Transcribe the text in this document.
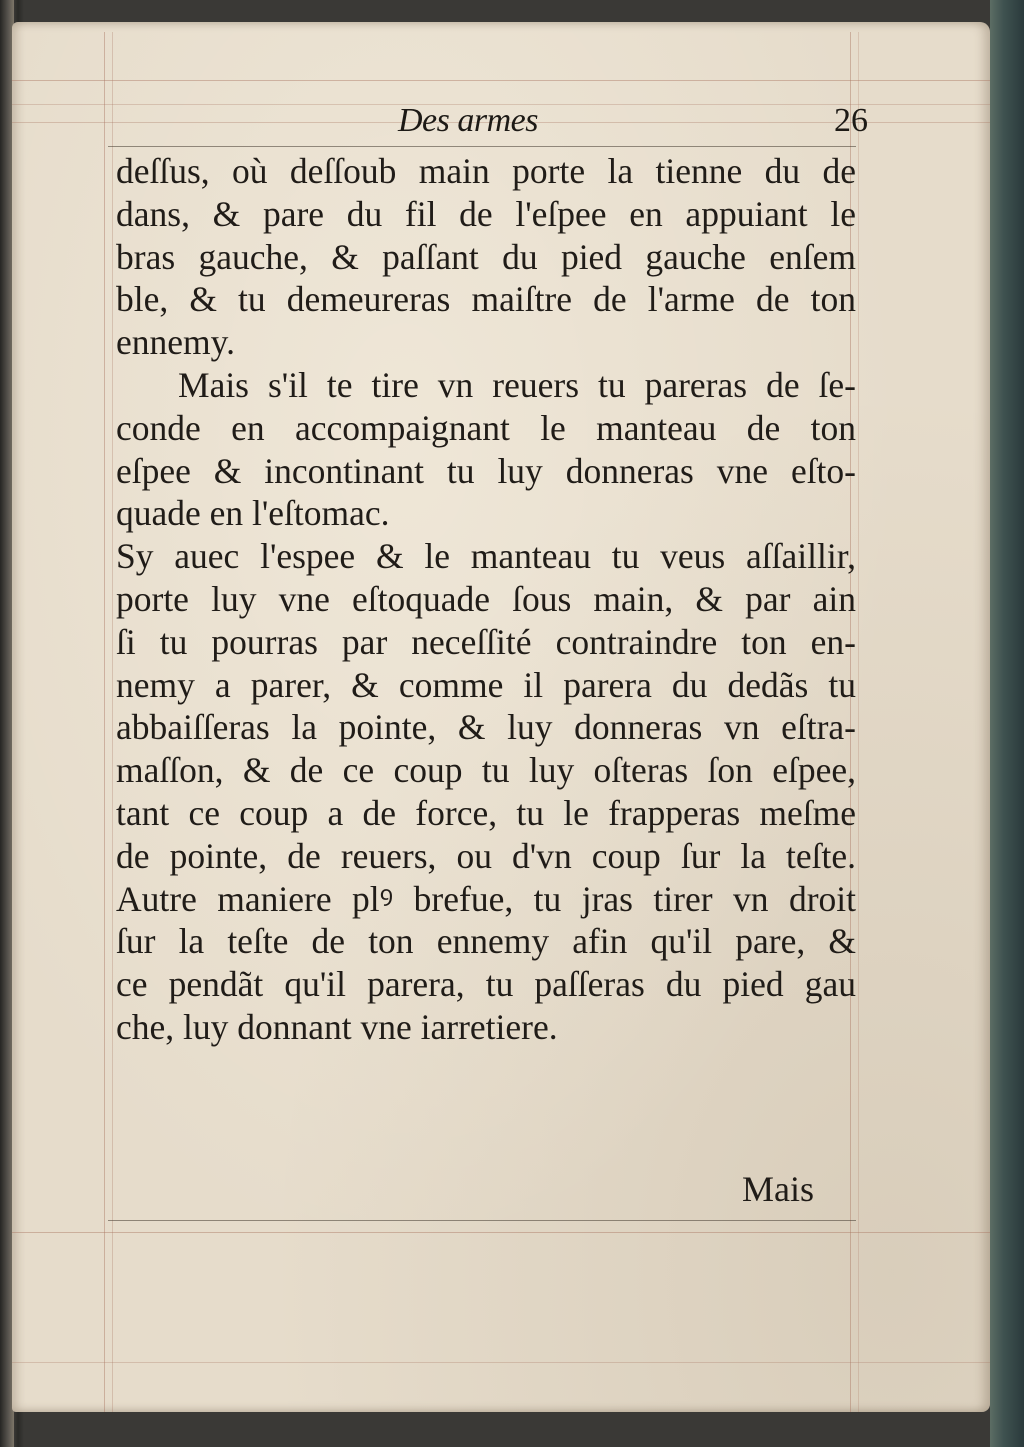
Des armes	26
deſſus, où deſſoub main porte la tienne du de
dans, & pare du fil de l'eſpee en appuiant le
bras gauche, & paſſant du pied gauche enſem
ble, & tu demeureras maiſtre de l'arme de ton
ennemy.
Mais s'il te tire vn reuers tu pareras de ſe-
conde en accompaignant le manteau de ton
eſpee & incontinant tu luy donneras vne eſto-
quade en l'eſtomac.
Sy auec l'espee & le manteau tu veus aſſaillir,
porte luy vne eſtoquade ſous main, & par ain
ſi tu pourras par neceſſité contraindre ton en-
nemy a parer, & comme il parera du dedãs tu
abbaiſſeras la pointe, & luy donneras vn eſtra-
maſſon, & de ce coup tu luy oſteras ſon eſpee,
tant ce coup a de force, tu le frapperas meſme
de pointe, de reuers, ou d'vn coup ſur la teſte.
Autre maniere plꝰ brefue, tu jras tirer vn droit
ſur la teſte de ton ennemy afin qu'il pare, &
ce pendãt qu'il parera, tu paſſeras du pied gau
che, luy donnant vne iarretiere.
Mais
